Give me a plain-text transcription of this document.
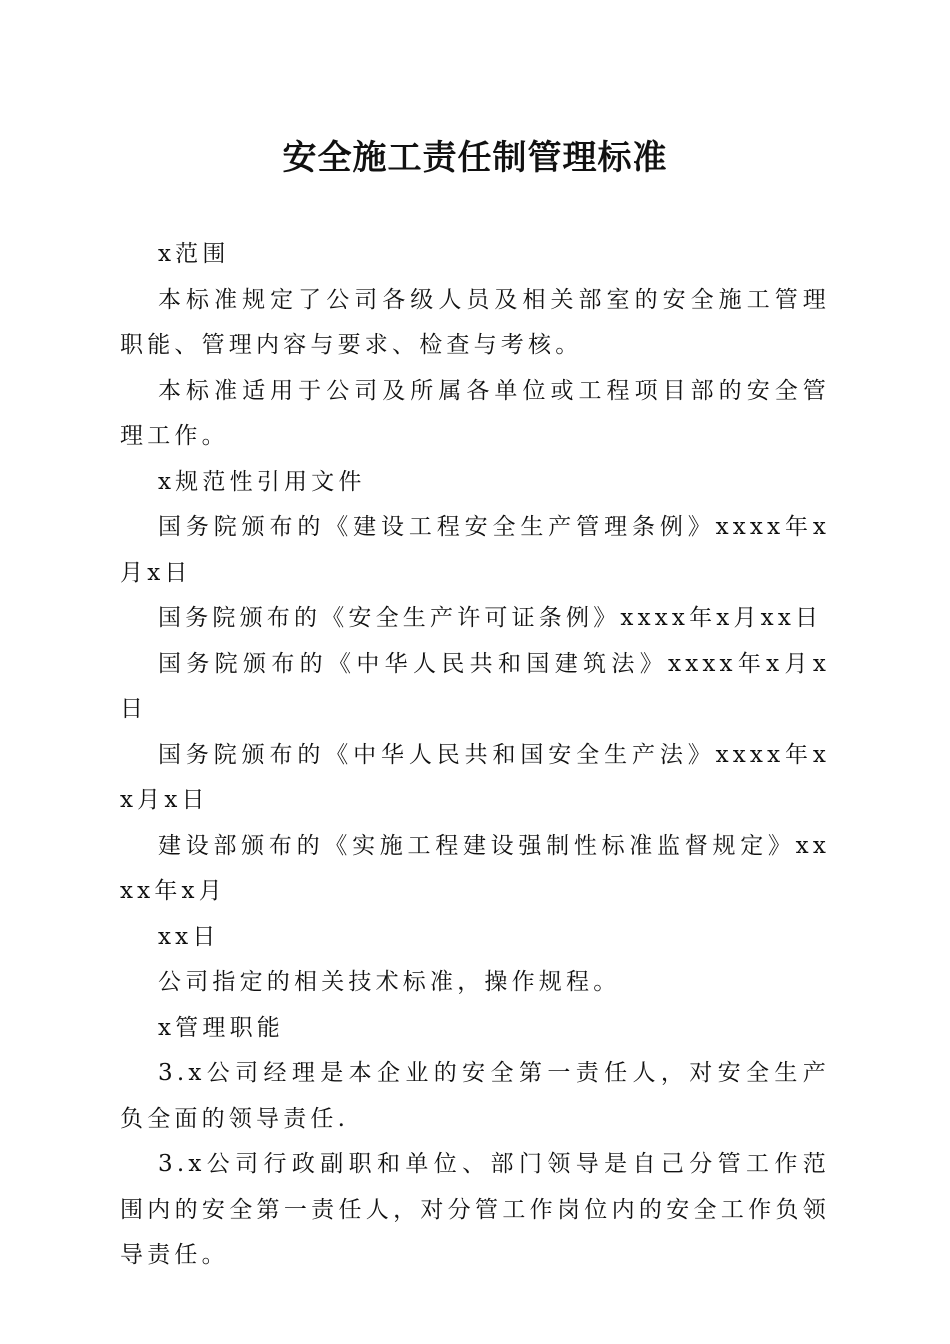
安全施工责任制管理标准

x范围

本标准规定了公司各级人员及相关部室的安全施工管理职能、管理内容与要求、检查与考核。

本标准适用于公司及所属各单位或工程项目部的安全管理工作。

x规范性引用文件

国务院颁布的《建设工程安全生产管理条例》xxxx年x月x日

国务院颁布的《安全生产许可证条例》xxxx年x月xx日

国务院颁布的《中华人民共和国建筑法》xxxx年x月x日

国务院颁布的《中华人民共和国安全生产法》xxxx年xx月x日

建设部颁布的《实施工程建设强制性标准监督规定》xxxx年x月

xx日

公司指定的相关技术标准，操作规程。

x管理职能

3.x公司经理是本企业的安全第一责任人，对安全生产负全面的领导责任.

3.x公司行政副职和单位、部门领导是自己分管工作范围内的安全第一责任人，对分管工作岗位内的安全工作负领导责任。
